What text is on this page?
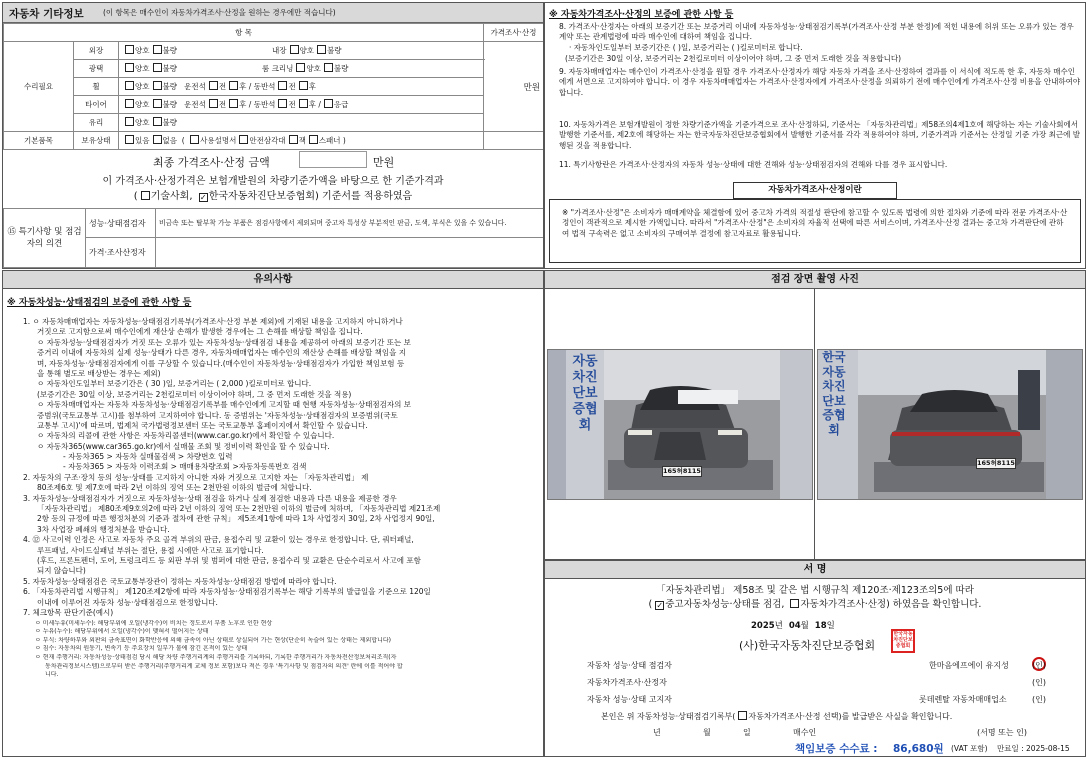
자동차 기타정보	(이 항목은 매수인이 자동차가격조사·산정을 원하는 경우에만 적습니다)
항 목			가격조사·산정
수리필요	외장	양호 불량 내장 양호 불량	만원
	광택	양호 불량 룸 크리닝 양호 불량	
	휠	양호 불량 운전석 전 후 / 동반석 전 후	
	타이어	양호 불량 운전석 전 후 / 동반석 전 후 / 응급	
	유리	양호 불량	
기본품목	보유상태	있음 없음 ( 사용설명서 안전삼각대 잭 스패너 )	
최종 가격조사·산정 금액	만원
이 가격조사·산정가격은 보험개발원의 차량기준가액을 바탕으로 한 기준가격과
( 기술사회, ✓ 한국자동차진단보증협회) 기준서를 적용하였음
⑮ 특기사항 및 점검자의 의견	성능·상태점검자	비금속 또는 탈부착 가능 부품은 점검사항에서 제외되며 중고차 특성상 부분적인 판금, 도색, 부식은 있을 수 있습니다.
	가격·조사산정자	
※ 자동차가격조사·산정의 보증에 관한 사항 등
8. 가격조사·산정자는 아래의 보증기간 또는 보증거리 이내에 자동차성능·상태점검기록부(가격조사·산정 부분 한정)에 적힌 내용에 허위 또는 오류가 있는 경우 계약 또는 관계법령에 따라 매수인에 대하여 책임을 집니다.
· 자동차인도일부터 보증기간은 ( )일, 보증거리는 ( )킬로미터로 합니다.
(보증기간은 30일 이상, 보증거리는 2천킬로미터 이상이어야 하며, 그 중 먼저 도래한 것을 적용합니다)
9. 자동차매매업자는 매수인이 가격조사·산정을 원할 경우 가격조사·산정자가 해당 자동차 가격을 조사·산정하여 결과를 이 서식에 적도록 한 후, 자동차 매수인에게 서면으로 고지하여야 합니다. 이 경우 자동차매매업자는 가격조사·산정자에게 가격조사·산정을 의뢰하기 전에 매수인에게 가격조사·산정 비용을 안내하여야 합니다.
10. 자동차가격은 보험개발원이 정한 차량기준가액을 기준가격으로 조사·산정하되, 기준서는 「자동차관리법」제58조의4제1호에 해당하는 자는 기술사회에서 발행한 기준서를, 제2호에 해당하는 자는 한국자동차진단보증협회에서 발행한 기준서를 각각 적용하여야 하며, 기준가격과 기준서는 산정일 기준 가장 최근에 발행된 것을 적용합니다.
11. 특기사항란은 가격조사·산정자의 자동차 성능·상태에 대한 견해와 성능·상태점검자의 견해와 다를 경우 표시합니다.
자동차가격조사·산정이란
※ "가격조사·산정"은 소비자가 매매계약을 체결함에 있어 중고차 가격의 적절성 판단에 참고할 수 있도록 법령에 의한 절차와 기준에 따라 전문 가격조사·산정인이 객관적으로 제시한 가액입니다. 따라서 "가격조사·산정"은 소비자의 자율적 선택에 따른 서비스이며, 가격조사·산정 결과는 중고차 가격판단에 관하여 법적 구속력은 없고 소비자의 구매여부 결정에 참고자료로 활용됩니다.
유의사항
※ 자동차성능·상태점검의 보증에 관한 사항 등
1. ㅇ 자동차매매업자는 자동차성능·상태점검기록부(가격조사·산정 부분 제외)에 기재된 내용을 고지하지 아니하거나
거짓으로 고지함으로써 매수인에게 재산상 손해가 발생한 경우에는 그 손해를 배상할 책임을 집니다.
ㅇ 자동차성능·상태점검자가 거짓 또는 오류가 있는 자동차성능·상태점검 내용을 제공하여 아래의 보증기간 또는 보
증거리 이내에 자동차의 실제 성능·상태가 다른 경우, 자동차매매업자는 매수인의 재산상 손해를 배상할 책임을 지
며, 자동차성능·상태점검자에게 이를 구상할 수 있습니다.(매수인이 자동차성능·상태점검자가 가입한 책임보험 등
을 통해 별도로 배상받는 경우는 제외)
ㅇ 자동차인도일부터 보증기간은 ( 30 )일, 보증거리는 ( 2,000 )킬로미터로 합니다.
(보증기간은 30일 이상, 보증거리는 2천킬로미터 이상이어야 하며, 그 중 먼저 도래한 것을 적용)
ㅇ 자동차매매업자는 자동차 자동차성능·상태점검기록부를 매수인에게 고지할 때 현행 자동차성능·상태점검자의 보
증범위(국토교통부 고시)를 첨부하여 고지하여야 합니다. 동 증범위는 '자동차성능·상태점검자의 보증범위(국토
교통부 고시)'에 따르며, 법제처 국가법령정보센터 또는 국토교통부 홈페이지에서 확인할 수 있습니다.
ㅇ 자동차의 리콜에 관한 사항은 자동차리콜센터(www.car.go.kr)에서 확인할 수 있습니다.
ㅇ 자동차365(www.car365.go.kr)에서 실매물 조회 및 정비이력 확인을 할 수 있습니다.
- 자동차365 > 자동차 실매물검색 > 차량번호 입력
- 자동차365 > 자동차 이력조회 > 매매용차량조회 >자동차등록번호 검색
2. 자동차의 구조·장치 등의 성능·상태를 고지하지 아니한 자와 거짓으로 고지한 자는 「자동차관리법」 제
80조제6호 및 제7호에 따라 2년 이하의 징역 또는 2천만원 이하의 벌금에 처합니다.
3. 자동차성능·상태점검자가 거짓으로 자동차성능·상태 점검을 하거나 실제 점검한 내용과 다른 내용을 제공한 경우
「자동차관리법」 제80조제9호의2에 따라 2년 이하의 징역 또는 2천만원 이하의 벌금에 처하며, 「자동차관리법 제21조제
2항 등의 규정에 따른 행정처분의 기준과 절차에 관한 규칙」 제5조제1항에 따라 1차 사업정지 30일, 2차 사업정지 90일,
3차 사업장 폐쇄의 행정처분을 받습니다.
4. ⑫ 사고이력 인정은 사고로 자동차 주요 골격 부위의 판금, 용접수리 및 교환이 있는 경우로 한정합니다. 단, 쿼터패널,
루프패널, 사이드실패널 부위는 절단, 용접 시에만 사고로 표기합니다.
(후드, 프론트펜더, 도어, 트렁크리드 등 외판 부위 및 범퍼에 대한 판금, 용접수리 및 교환은 단순수리로서 사고에 포함
되지 않습니다)
5. 자동차성능·상태점검은 국토교통부장관이 정하는 자동차성능·상태점검 방법에 따라야 합니다.
6. 「자동차관리법 시행규칙」 제120조제2항에 따라 자동차성능·상태점검기록부는 해당 기록부의 발급일을 기준으로 120일
이내에 이루어진 자동차 성능·상태점검으로 한정합니다.
7. 체크항목 판단기준(예시)
ㅇ 미세누유(미세누수): 해당부위에 오일(냉각수)이 비치는 정도로서 부품 노후로 인한 현상
ㅇ 누유(누수): 해당부위에서 오일(냉각수)이 맺혀서 떨어지는 상태
ㅇ 부식: 차량하부와 외판의 금속표면이 화학반응에 의해 금속이 아닌 상태로 상실되어 가는 현상(단순히 녹슬어 있는 상태는 제외합니다)
ㅇ 침수: 자동차의 원동기, 변속기 등 주요장치 일부가 물에 잠긴 흔적이 있는 상태
ㅇ 현재 주행거리: 자동차성능·상태점검 당시 해당 차량 주행거리계의 주행거리를 기록하되, 기록한 주행거리가 자동차전산정보처리조직(자
동차관리정보시스템)으로부터 받은 주행거리(주행거리계 교체 정보 포함)보다 적은 경우 '특기사항 및 점검자의 의견' 란에 이를 적어야 합
니다.
점검 장면 촬영 사진
165허8115
자동차진단보증협회
165허8115
한국자동차진단보증협회
서 명
「자동차관리법」 제58조 및 같은 법 시행규칙 제120조·제123조의5에 따라
( ✓ 중고자동차성능·상태를 점검, 자동차가격조사·산정) 하였음을 확인합니다.
2025년 04월 18일
(사)한국자동차진단보증협회
한국자동차진단보증협회
자동차 성능·상태 점검자	한마음에프에이 유지성	(인)
자동차가격조사·산정자	(인)
자동차 성능·상태 고지자	롯데렌탈 자동차매매업소	(인)
본인은 위 자동차성능·상태점검기록부( 자동차가격조사·산정 선택)를 발급받은 사실을 확인합니다.
년	월	일	매수인	(서명 또는 인)
책임보증 수수료 : 86,680원 (VAT 포함) 만료일 : 2025-08-15
